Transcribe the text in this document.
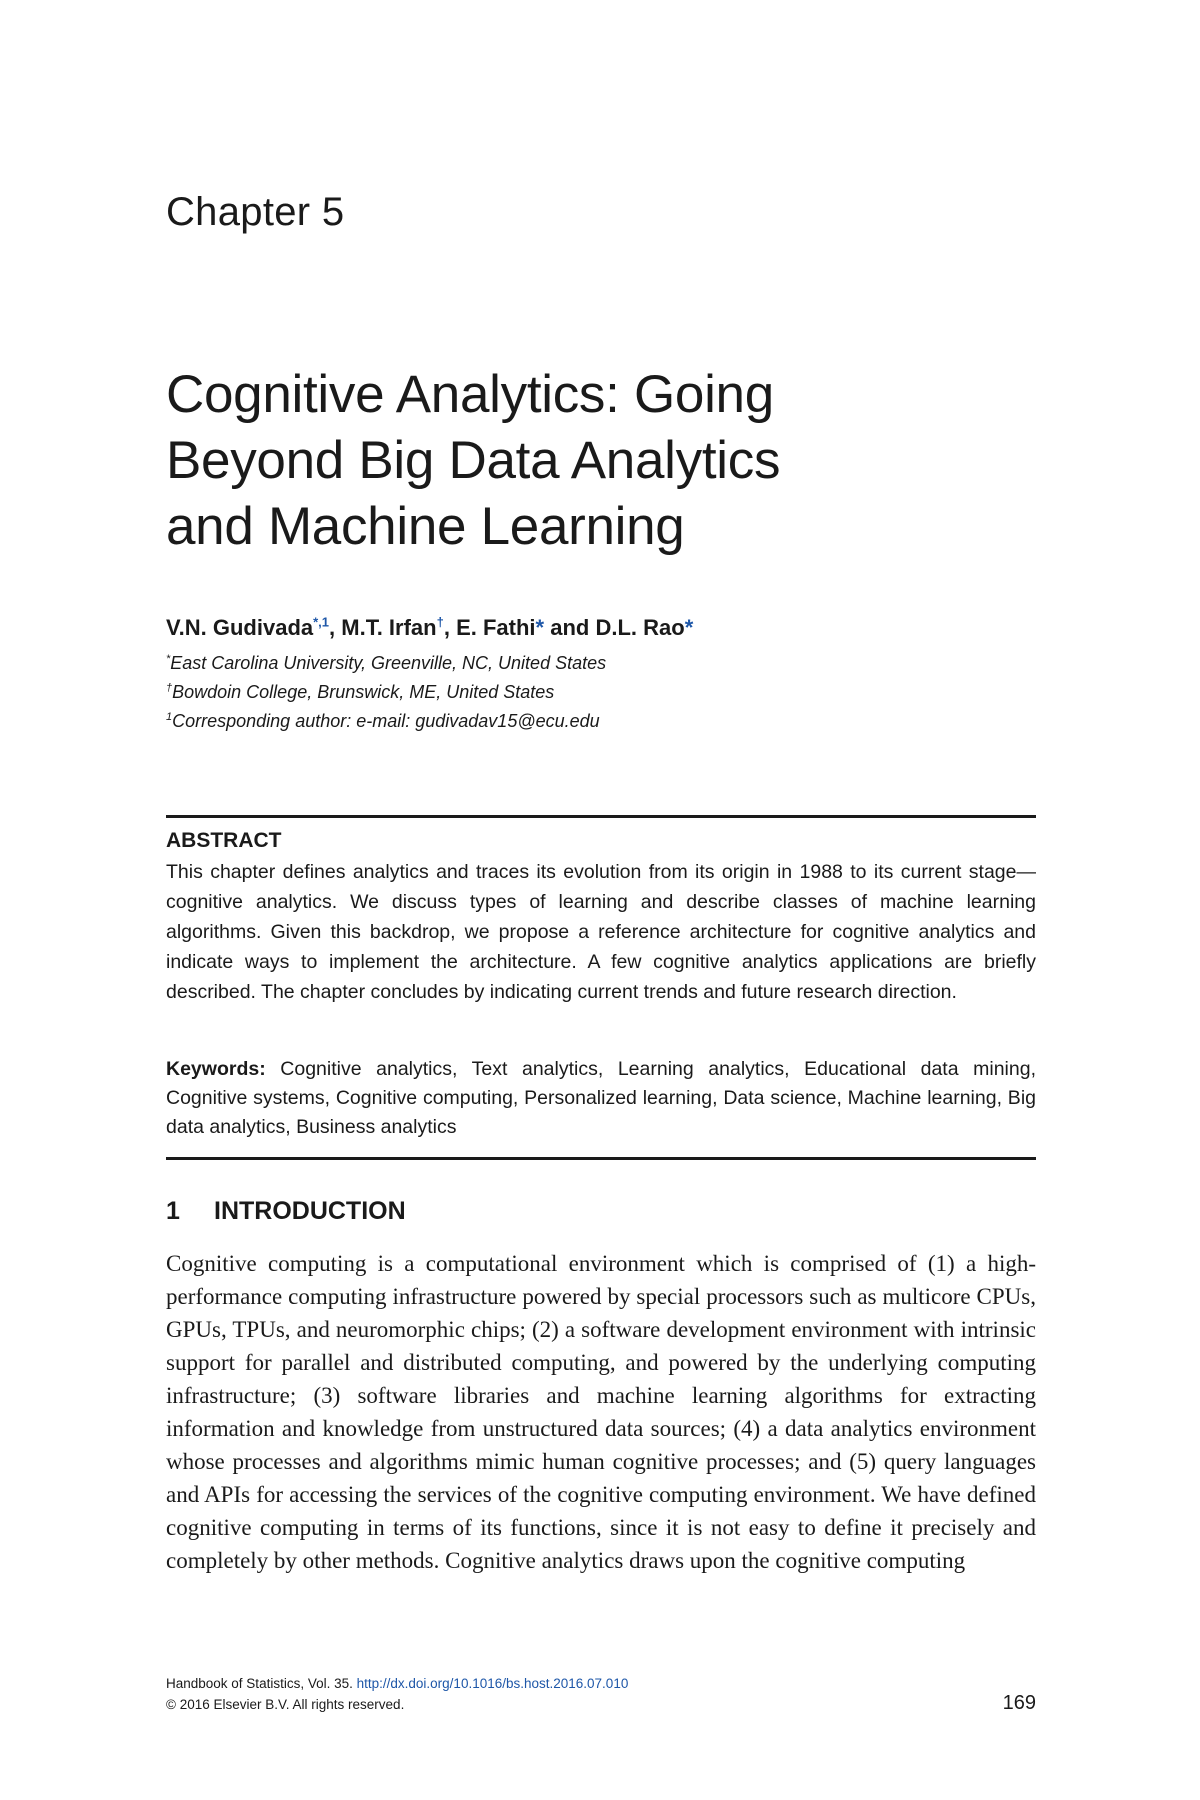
Chapter 5
Cognitive Analytics: Going
Beyond Big Data Analytics
and Machine Learning
V.N. Gudivada$^{*,1}$, M.T. Irfan†, E. Fathi* and D.L. Rao*
*East Carolina University, Greenville, NC, United States
†Bowdoin College, Brunswick, ME, United States
$^1$Corresponding author: e-mail: gudivadav15@ecu.edu
ABSTRACT
This chapter defines analytics and traces its evolution from its origin in 1988 to its current stage—cognitive analytics. We discuss types of learning and describe classes of machine learning algorithms. Given this backdrop, we propose a reference architecture for cognitive analytics and indicate ways to implement the architecture. A few cognitive analytics applications are briefly described. The chapter concludes by indicating current trends and future research direction.
Keywords: Cognitive analytics, Text analytics, Learning analytics, Educational data mining, Cognitive systems, Cognitive computing, Personalized learning, Data science, Machine learning, Big data analytics, Business analytics
1 INTRODUCTION
Cognitive computing is a computational environment which is comprised of (1) a high-performance computing infrastructure powered by special processors such as multicore CPUs, GPUs, TPUs, and neuromorphic chips; (2) a software development environment with intrinsic support for parallel and distributed computing, and powered by the underlying computing infrastructure; (3) software libraries and machine learning algorithms for extracting information and knowledge from unstructured data sources; (4) a data analytics environment whose processes and algorithms mimic human cognitive processes; and (5) query languages and APIs for accessing the services of the cognitive computing environment. We have defined cognitive computing in terms of its functions, since it is not easy to define it precisely and completely by other methods. Cognitive analytics draws upon the cognitive computing
Handbook of Statistics, Vol. 35. http://dx.doi.org/10.1016/bs.host.2016.07.010
© 2016 Elsevier B.V. All rights reserved.	169
